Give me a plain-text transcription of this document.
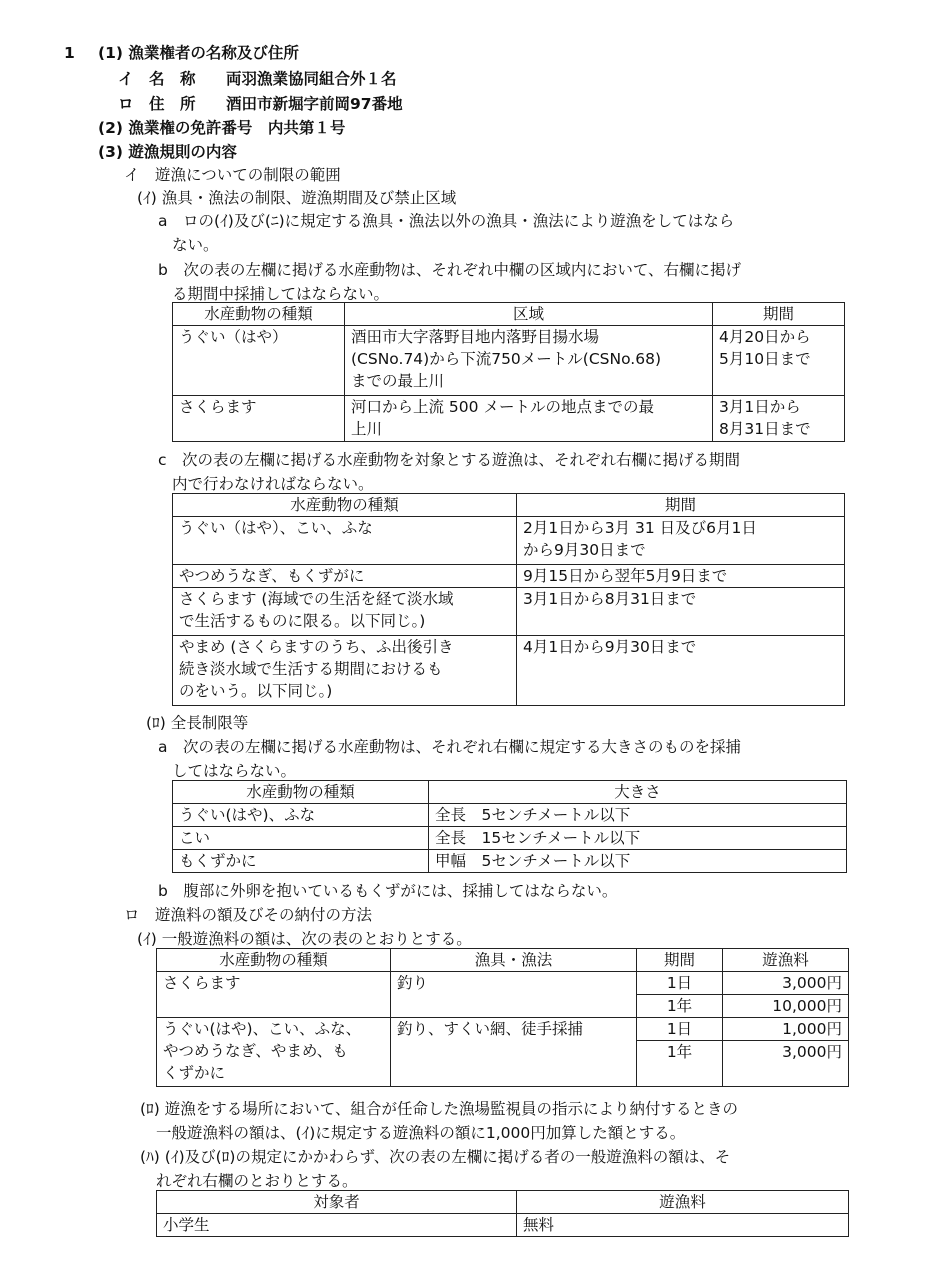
1 (1) 漁業権者の名称及び住所
イ　名　称 両羽漁業協同組合外１名
ロ　住　所 酒田市新堀字前岡97番地
(2) 漁業権の免許番号　内共第１号
(3) 遊漁規則の内容
イ　遊漁についての制限の範囲
(ｲ) 漁具・漁法の制限、遊漁期間及び禁止区域
a　ロの(ｲ)及び(ﾆ)に規定する漁具・漁法以外の漁具・漁法により遊漁をしてはなら
ない。
b　次の表の左欄に掲げる水産動物は、それぞれ中欄の区域内において、右欄に掲げ
る期間中採捕してはならない。
水産動物の種類	区域	期間
うぐい（はや）	酒田市大字落野目地内落野目揚水場
(CSNo.74)から下流750メートル(CSNo.68)
までの最上川	4月20日から
5月10日まで

さくらます	河口から上流 500 メートルの地点までの最
上川	3月1日から
8月31日まで
c　次の表の左欄に掲げる水産動物を対象とする遊漁は、それぞれ右欄に掲げる期間
内で行わなければならない。
水産動物の種類	期間

うぐい（はや）、こい、ふな	2月1日から3月 31 日及び6月1日
から9月30日まで

やつめうなぎ、もくずがに	9月15日から翌年5月9日まで

さくらます (海域での生活を経て淡水域
で生活するものに限る。以下同じ。)	3月1日から8月31日まで

やまめ (さくらますのうち、ふ出後引き
続き淡水域で生活する期間におけるも
のをいう。以下同じ。)	4月1日から9月30日まで
(ﾛ) 全長制限等
a　次の表の左欄に掲げる水産動物は、それぞれ右欄に規定する大きさのものを採捕
してはならない。
水産動物の種類	大きさ
うぐい(はや)、ふな	全長　5センチメートル以下
こい	全長　15センチメートル以下
もくずかに	甲幅　5センチメートル以下
b　腹部に外卵を抱いているもくずがには、採捕してはならない。
ロ　遊漁料の額及びその納付の方法
(ｲ) 一般遊漁料の額は、次の表のとおりとする。
水産動物の種類	漁具・漁法	期間	遊漁料

さくらます	釣り	1日	3,000円
		1年	10,000円

うぐい(はや)、こい、ふな、
やつめうなぎ、やまめ、も
くずかに	釣り、すくい網、徒手採捕	1日	1,000円
		1年	3,000円
(ﾛ) 遊漁をする場所において、組合が任命した漁場監視員の指示により納付するときの
一般遊漁料の額は、(ｲ)に規定する遊漁料の額に1,000円加算した額とする。
(ﾊ) (ｲ)及び(ﾛ)の規定にかかわらず、次の表の左欄に掲げる者の一般遊漁料の額は、そ
れぞれ右欄のとおりとする。
対象者	遊漁料
小学生	無料
